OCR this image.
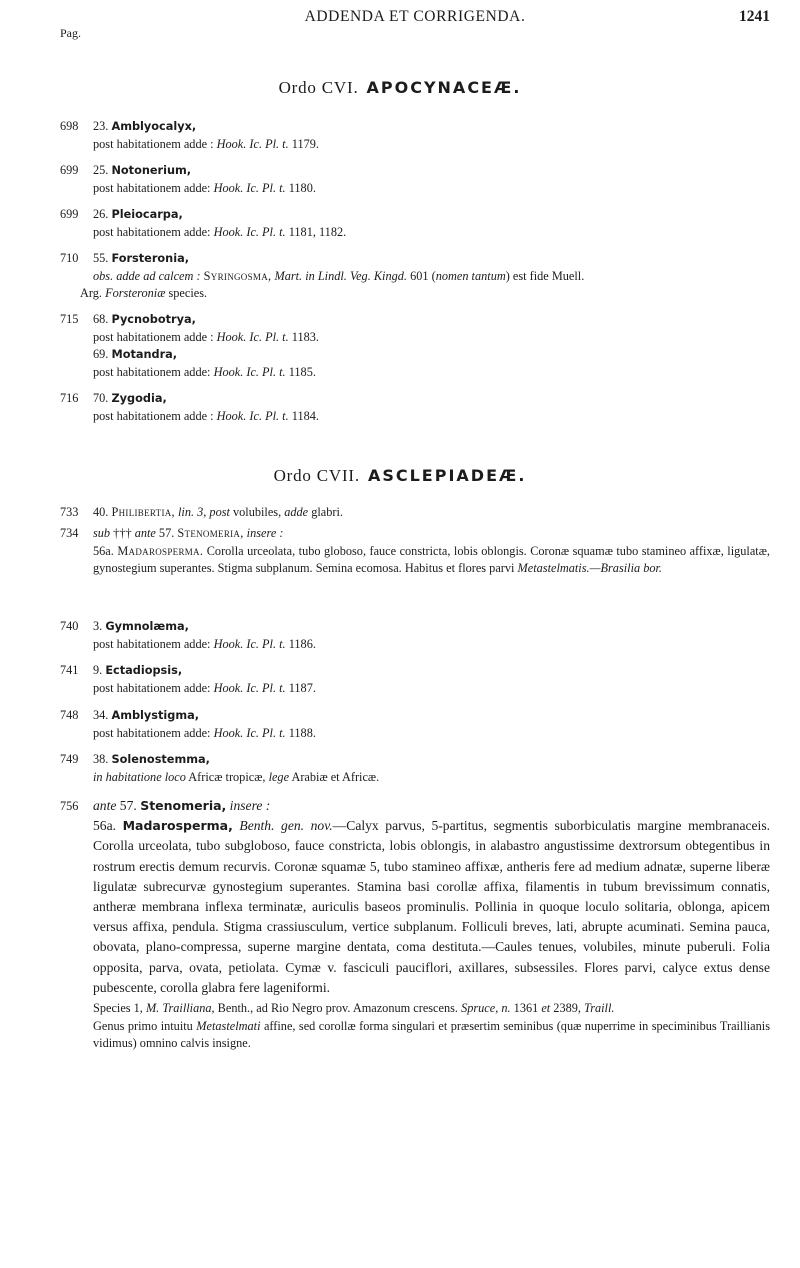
ADDENDA ET CORRIGENDA.	1241
Pag.
Ordo CVI. APOCYNACEÆ.
698	23. Amblyocalyx,
post habitationem adde : Hook. Ic. Pl. t. 1179.
699	25. Notonerium,
post habitationem adde: Hook. Ic. Pl. t. 1180.
699	26. Pleiocarpa,
post habitationem adde: Hook. Ic. Pl. t. 1181, 1182.
710	55. Forsteronia,
obs. adde ad calcem : Syringosma, Mart. in Lindl. Veg. Kingd. 601 (nomen tantum) est fide Muell.
Arg. Forsteroniæ species.
715	68. Pycnobotrya,
post habitationem adde : Hook. Ic. Pl. t. 1183.
69. Motandra,
post habitationem adde: Hook. Ic. Pl. t. 1185.
716	70. Zygodia,
post habitationem adde : Hook. Ic. Pl. t. 1184.
Ordo CVII. ASCLEPIADEÆ.
733	40. Philibertia, lin. 3, post volubiles, adde glabri.
734	sub ††† ante 57. Stenomeria, insere :
56a. Madarosperma. Corolla urceolata, tubo globoso, fauce constricta, lobis oblongis. Coronæ squamæ tubo stamineo affixæ, ligulatæ, gynostegium superantes. Stigma subplanum. Semina ecomosa. Habitus et flores parvi Metastelmatis.—Brasilia bor.
740	3. Gymnolæma,
post habitationem adde: Hook. Ic. Pl. t. 1186.
741	9. Ectadiopsis,
post habitationem adde: Hook. Ic. Pl. t. 1187.
748	34. Amblystigma,
post habitationem adde: Hook. Ic. Pl. t. 1188.
749	38. Solenostemma,
in habitatione loco Africæ tropicæ, lege Arabiæ et Africæ.
756	ante 57. Stenomeria, insere :
56a. Madarosperma, Benth. gen. nov.—Calyx parvus, 5-partitus, segmentis suborbiculatis margine membranaceis. Corolla urceolata, tubo subgloboso, fauce constricta, lobis oblongis, in alabastro angustissime dextrorsum obtegentibus in rostrum erectis demum recurvis. Coronæ squamæ 5, tubo stamineo affixæ, antheris fere ad medium adnatæ, superne liberæ ligulatæ subrecurvæ gynostegium superantes. Stamina basi corollæ affixa, filamentis in tubum brevissimum connatis, antheræ membrana inflexa terminatæ, auriculis baseos prominulis. Pollinia in quoque loculo solitaria, oblonga, apicem versus affixa, pendula. Stigma crassiusculum, vertice subplanum. Folliculi breves, lati, abrupte acuminati. Semina pauca, obovata, plano-compressa, superne margine dentata, coma destituta.—Caules tenues, volubiles, minute puberuli. Folia opposita, parva, ovata, petiolata. Cymæ v. fasciculi pauciflori, axillares, subsessiles. Flores parvi, calyce extus dense pubescente, corolla glabra fere lageniformi.
Species 1, M. Trailliana, Benth., ad Rio Negro prov. Amazonum crescens. Spruce, n. 1361 et 2389, Traill.
Genus primo intuitu Metastelmati affine, sed corollæ forma singulari et præsertim seminibus (quæ nuperrime in speciminibus Traillianis vidimus) omnino calvis insigne.
